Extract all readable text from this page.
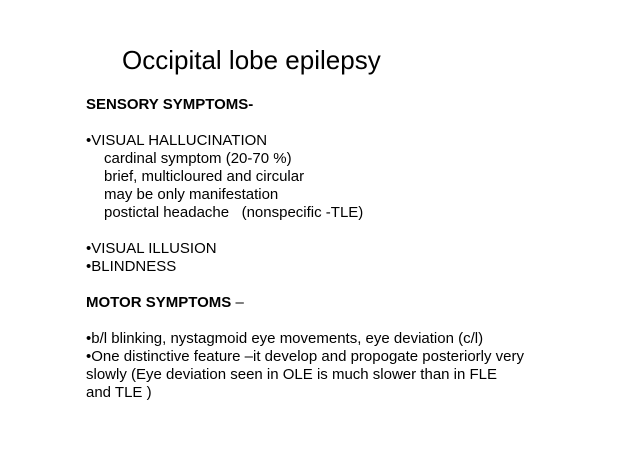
Occipital lobe epilepsy
SENSORY SYMPTOMS-
•VISUAL HALLUCINATION
cardinal symptom (20-70 %)
brief, multicloured and circular
may be only manifestation
postictal headache   (nonspecific -TLE)
•VISUAL ILLUSION
•BLINDNESS
MOTOR SYMPTOMS –
•b/l blinking, nystagmoid eye movements, eye deviation (c/l)
•One distinctive feature –it develop and propogate posteriorly very slowly (Eye deviation seen in OLE is much slower than in FLE and TLE )
